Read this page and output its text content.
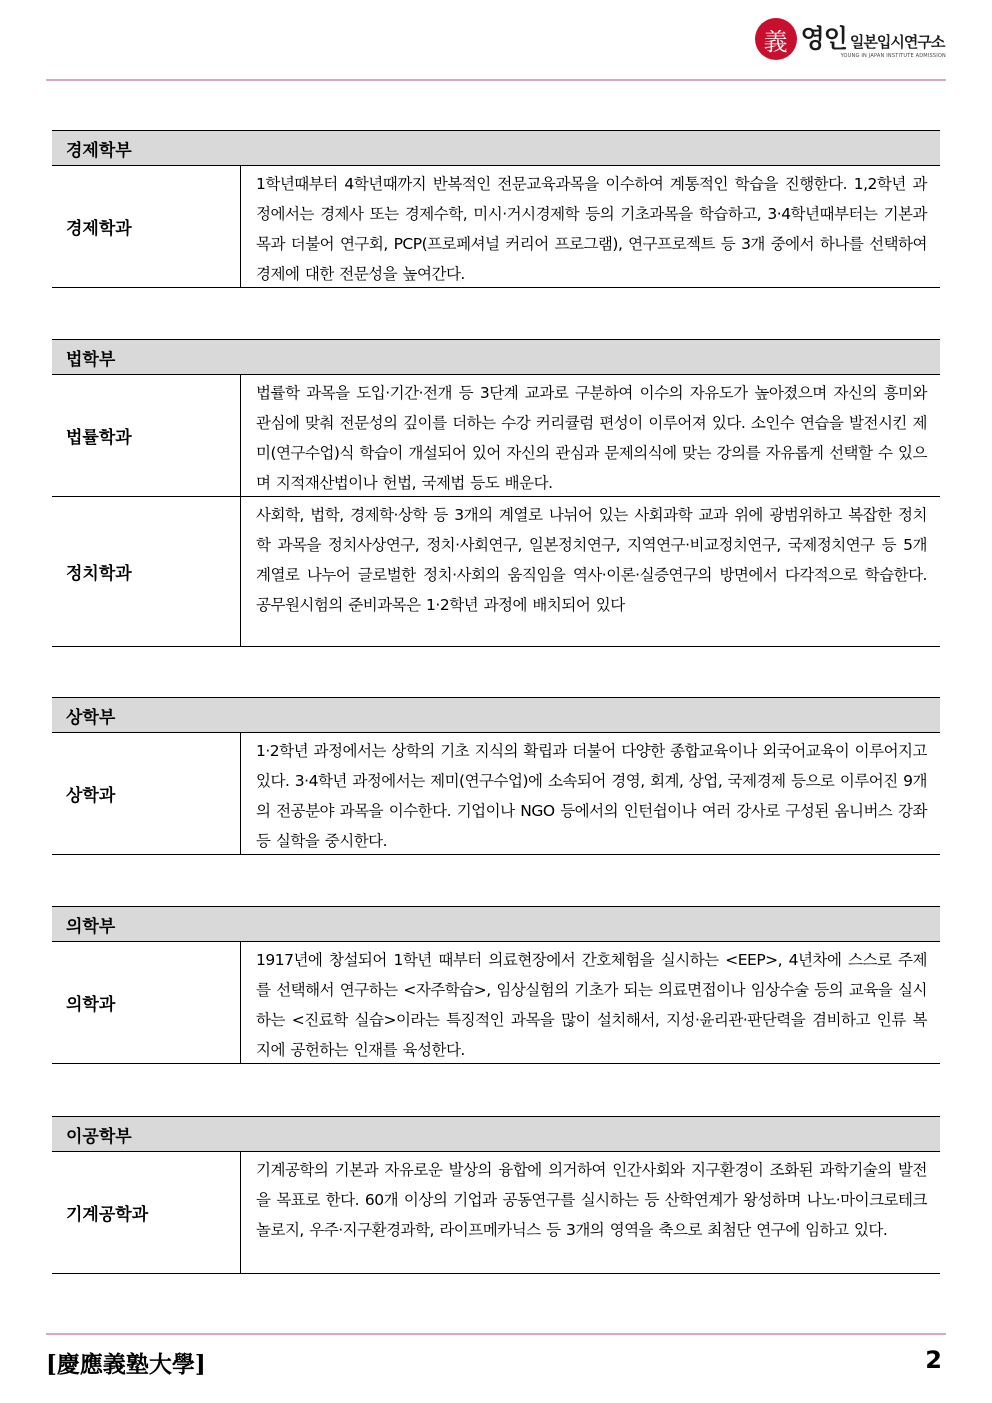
義 영인 일본입시연구소
YOUNG IN JAPAN INSTITUTE ADMISSION
경제학부
경제학과
1학년때부터 4학년때까지 반복적인 전문교육과목을 이수하여 계통적인 학습을 진행한다. 1,2학년 과정에서는 경제사 또는 경제수학, 미시·거시경제학 등의 기초과목을 학습하고, 3·4학년때부터는 기본과목과 더불어 연구회, PCP(프로페셔널 커리어 프로그램), 연구프로젝트 등 3개 중에서 하나를 선택하여 경제에 대한 전문성을 높여간다.
법학부
법률학과
법률학 과목을 도입·기간·전개 등 3단계 교과로 구분하여 이수의 자유도가 높아졌으며 자신의 흥미와 관심에 맞춰 전문성의 깊이를 더하는 수강 커리큘럼 편성이 이루어져 있다. 소인수 연습을 발전시킨 제미(연구수업)식 학습이 개설되어 있어 자신의 관심과 문제의식에 맞는 강의를 자유롭게 선택할 수 있으며 지적재산법이나 헌법, 국제법 등도 배운다.
정치학과
사회학, 법학, 경제학·상학 등 3개의 계열로 나뉘어 있는 사회과학 교과 위에 광범위하고 복잡한 정치학 과목을 정치사상연구, 정치·사회연구, 일본정치연구, 지역연구·비교정치연구, 국제정치연구 등 5개 계열로 나누어 글로벌한 정치·사회의 움직임을 역사·이론·실증연구의 방면에서 다각적으로 학습한다. 공무원시험의 준비과목은 1·2학년 과정에 배치되어 있다
상학부
상학과
1·2학년 과정에서는 상학의 기초 지식의 확립과 더불어 다양한 종합교육이나 외국어교육이 이루어지고 있다. 3·4학년 과정에서는 제미(연구수업)에 소속되어 경영, 회계, 상업, 국제경제 등으로 이루어진 9개의 전공분야 과목을 이수한다. 기업이나 NGO 등에서의 인턴쉽이나 여러 강사로 구성된 옴니버스 강좌 등 실학을 중시한다.
의학부
의학과
1917년에 창설되어 1학년 때부터 의료현장에서 간호체험을 실시하는 <EEP>, 4년차에 스스로 주제를 선택해서 연구하는 <자주학습>, 임상실험의 기초가 되는 의료면접이나 임상수술 등의 교육을 실시하는 <진료학 실습>이라는 특징적인 과목을 많이 설치해서, 지성·윤리관·판단력을 겸비하고 인류 복지에 공헌하는 인재를 육성한다.
이공학부
기계공학과
기계공학의 기본과 자유로운 발상의 융합에 의거하여 인간사회와 지구환경이 조화된 과학기술의 발전을 목표로 한다. 60개 이상의 기업과 공동연구를 실시하는 등 산학연계가 왕성하며 나노·마이크로테크놀로지, 우주·지구환경과학, 라이프메카닉스 등 3개의 영역을 축으로 최첨단 연구에 임하고 있다.
[慶應義塾大學]	2
